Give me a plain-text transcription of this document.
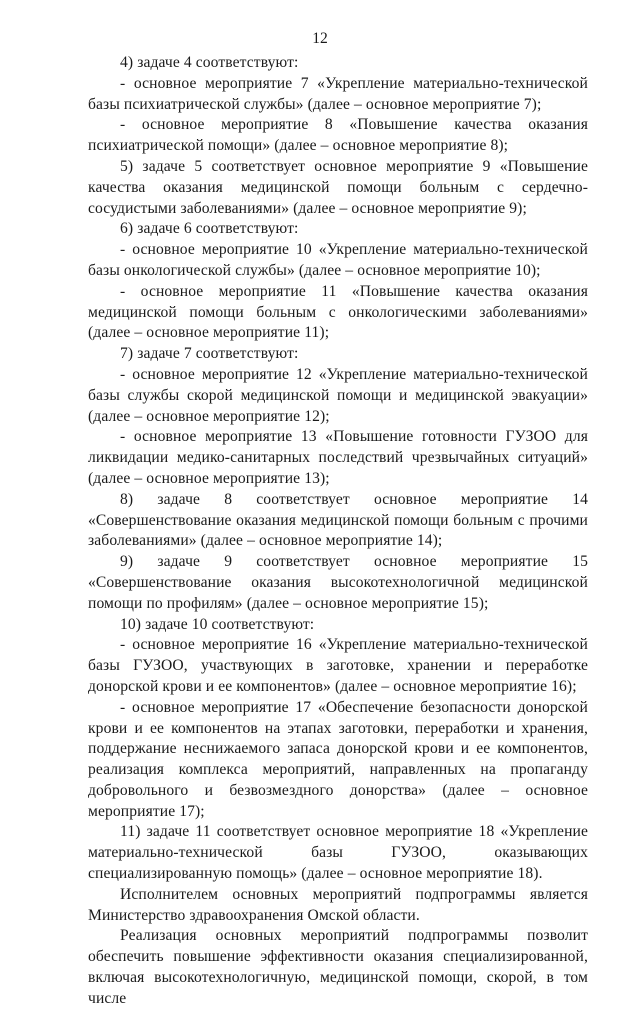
12

4) задаче 4 соответствуют:

- основное мероприятие 7 «Укрепление материально-технической базы психиатрической службы» (далее – основное мероприятие 7);

- основное мероприятие 8 «Повышение качества оказания психиатрической помощи» (далее – основное мероприятие 8);

5) задаче 5 соответствует основное мероприятие 9 «Повышение качества оказания медицинской помощи больным с сердечно-сосудистыми заболеваниями» (далее – основное мероприятие 9);

6) задаче 6 соответствуют:

- основное мероприятие 10 «Укрепление материально-технической базы онкологической службы» (далее – основное мероприятие 10);

- основное мероприятие 11 «Повышение качества оказания медицинской помощи больным с онкологическими заболеваниями» (далее – основное мероприятие 11);

7) задаче 7 соответствуют:

- основное мероприятие 12 «Укрепление материально-технической базы службы скорой медицинской помощи и медицинской эвакуации» (далее – основное мероприятие 12);

- основное мероприятие 13 «Повышение готовности ГУЗОО для ликвидации медико-санитарных последствий чрезвычайных ситуаций» (далее – основное мероприятие 13);

8) задаче 8 соответствует основное мероприятие 14 «Совершенствование оказания медицинской помощи больным с прочими заболеваниями» (далее – основное мероприятие 14);

9) задаче 9 соответствует основное мероприятие 15 «Совершенствование оказания высокотехнологичной медицинской помощи по профилям» (далее – основное мероприятие 15);

10) задаче 10 соответствуют:

- основное мероприятие 16 «Укрепление материально-технической базы ГУЗОО, участвующих в заготовке, хранении и переработке донорской крови и ее компонентов» (далее – основное мероприятие 16);

- основное мероприятие 17 «Обеспечение безопасности донорской крови и ее компонентов на этапах заготовки, переработки и хранения, поддержание неснижаемого запаса донорской крови и ее компонентов, реализация комплекса мероприятий, направленных на пропаганду добровольного и безвозмездного донорства» (далее – основное мероприятие 17);

11) задаче 11 соответствует основное мероприятие 18 «Укрепление материально-технической базы ГУЗОО, оказывающих специализированную помощь» (далее – основное мероприятие 18).

Исполнителем основных мероприятий подпрограммы является Министерство здравоохранения Омской области.

Реализация основных мероприятий подпрограммы позволит обеспечить повышение эффективности оказания специализированной, включая высокотехнологичную, медицинской помощи, скорой, в том числе
